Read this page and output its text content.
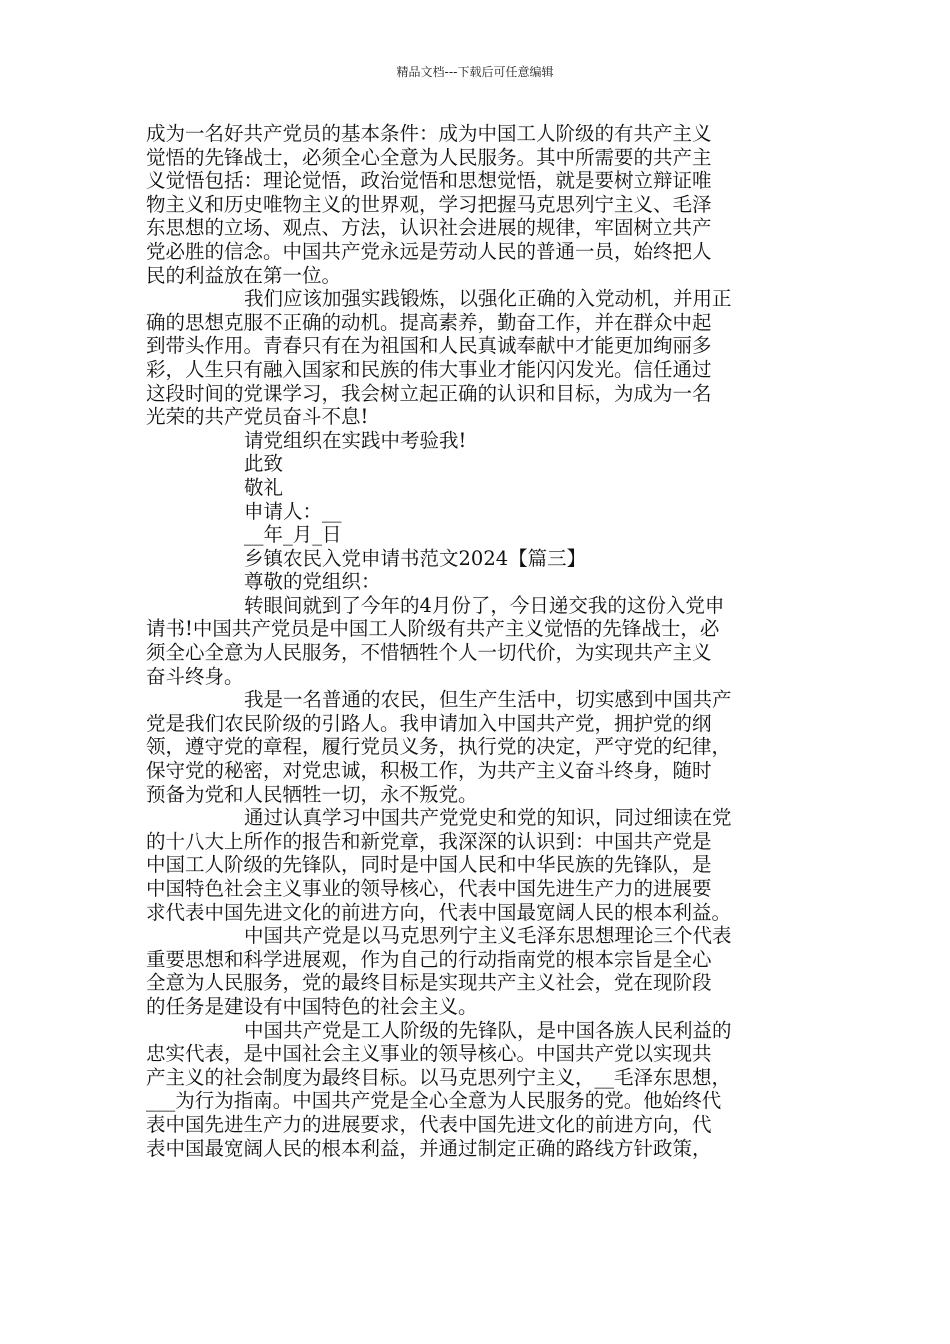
精品文档---下载后可任意编辑
成为一名好共产党员的基本条件：成为中国工人阶级的有共产主义
觉悟的先锋战士，必须全心全意为人民服务。其中所需要的共产主
义觉悟包括：理论觉悟，政治觉悟和思想觉悟，就是要树立辩证唯
物主义和历史唯物主义的世界观，学习把握马克思列宁主义、毛泽
东思想的立场、观点、方法，认识社会进展的规律，牢固树立共产
党必胜的信念。中国共产党永远是劳动人民的普通一员，始终把人
民的利益放在第一位。
我们应该加强实践锻炼，以强化正确的入党动机，并用正
确的思想克服不正确的动机。提高素养，勤奋工作，并在群众中起
到带头作用。青春只有在为祖国和人民真诚奉献中才能更加绚丽多
彩，人生只有融入国家和民族的伟大事业才能闪闪发光。信任通过
这段时间的党课学习，我会树立起正确的认识和目标，为成为一名
光荣的共产党员奋斗不息!
请党组织在实践中考验我!
此致
敬礼
申请人：__
__年_月_日
乡镇农民入党申请书范文2024【篇三】
尊敬的党组织：
转眼间就到了今年的4月份了，今日递交我的这份入党申
请书!中国共产党员是中国工人阶级有共产主义觉悟的先锋战士，必
须全心全意为人民服务，不惜牺牲个人一切代价，为实现共产主义
奋斗终身。
我是一名普通的农民，但生产生活中，切实感到中国共产
党是我们农民阶级的引路人。我申请加入中国共产党，拥护党的纲
领，遵守党的章程，履行党员义务，执行党的决定，严守党的纪律，
保守党的秘密，对党忠诚，积极工作，为共产主义奋斗终身，随时
预备为党和人民牺牲一切，永不叛党。
通过认真学习中国共产党党史和党的知识，同过细读在党
的十八大上所作的报告和新党章，我深深的认识到：中国共产党是
中国工人阶级的先锋队，同时是中国人民和中华民族的先锋队，是
中国特色社会主义事业的领导核心，代表中国先进生产力的进展要
求代表中国先进文化的前进方向，代表中国最宽阔人民的根本利益。
中国共产党是以马克思列宁主义毛泽东思想理论三个代表
重要思想和科学进展观，作为自己的行动指南党的根本宗旨是全心
全意为人民服务，党的最终目标是实现共产主义社会，党在现阶段
的任务是建设有中国特色的社会主义。
中国共产党是工人阶级的先锋队，是中国各族人民利益的
忠实代表，是中国社会主义事业的领导核心。中国共产党以实现共
产主义的社会制度为最终目标。以马克思列宁主义，__毛泽东思想，
___为行为指南。中国共产党是全心全意为人民服务的党。他始终代
表中国先进生产力的进展要求，代表中国先进文化的前进方向，代
表中国最宽阔人民的根本利益，并通过制定正确的路线方针政策，
